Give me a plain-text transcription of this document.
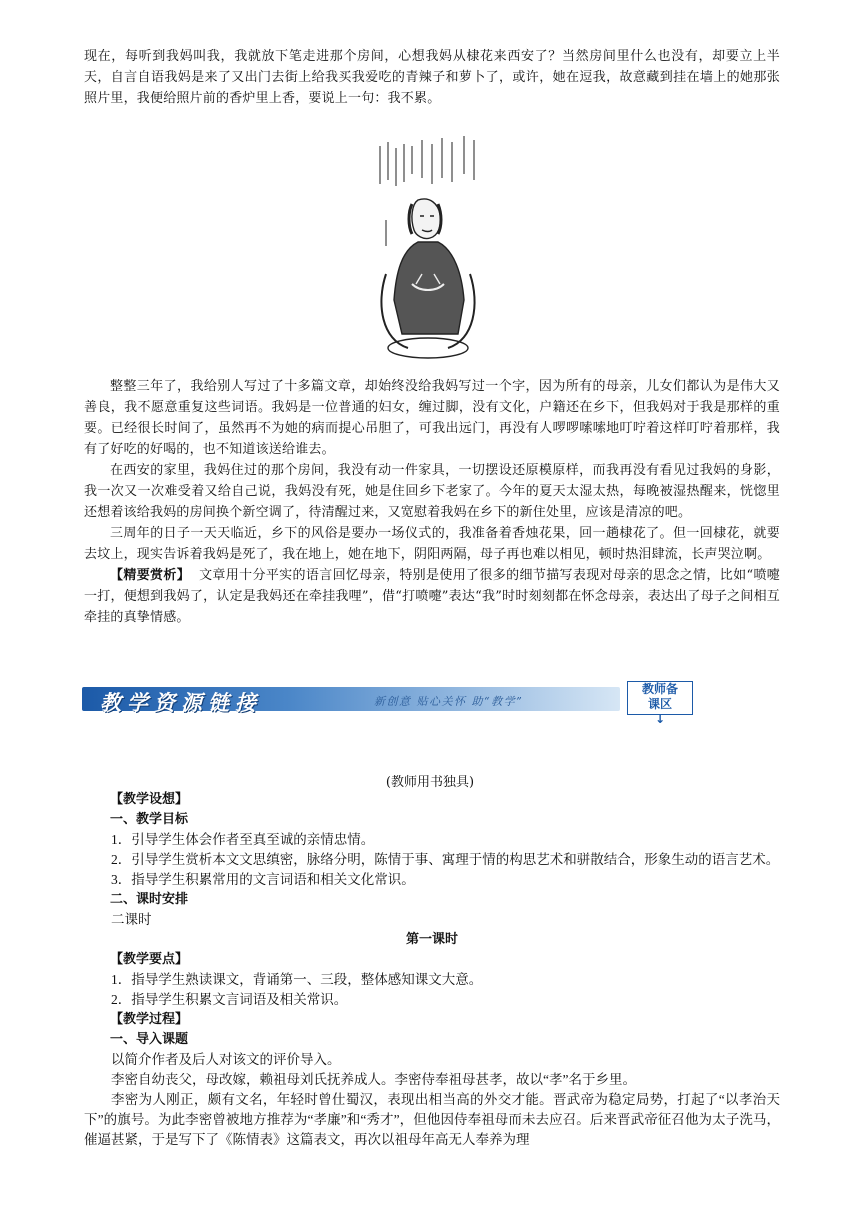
现在，每听到我妈叫我，我就放下笔走进那个房间，心想我妈从棣花来西安了？当然房间里什么也没有，却要立上半天，自言自语我妈是来了又出门去街上给我买我爱吃的青辣子和萝卜了，或许，她在逗我，故意藏到挂在墙上的她那张照片里，我便给照片前的香炉里上香，要说上一句：我不累。

整整三年了，我给别人写过了十多篇文章，却始终没给我妈写过一个字，因为所有的母亲，儿女们都认为是伟大又善良，我不愿意重复这些词语。我妈是一位普通的妇女，缠过脚，没有文化，户籍还在乡下，但我妈对于我是那样的重要。已经很长时间了，虽然再不为她的病而提心吊胆了，可我出远门，再没有人啰啰嗦嗦地叮咛着这样叮咛着那样，我有了好吃的好喝的，也不知道该送给谁去。

在西安的家里，我妈住过的那个房间，我没有动一件家具，一切摆设还原模原样，而我再没有看见过我妈的身影，我一次又一次难受着又给自己说，我妈没有死，她是住回乡下老家了。今年的夏天太湿太热，每晚被湿热醒来，恍惚里还想着该给我妈的房间换个新空调了，待清醒过来，又宽慰着我妈在乡下的新住处里，应该是清凉的吧。

三周年的日子一天天临近，乡下的风俗是要办一场仪式的，我准备着香烛花果，回一趟棣花了。但一回棣花，就要去坟上，现实告诉着我妈是死了，我在地上，她在地下，阴阳两隔，母子再也难以相见，顿时热泪肆流，长声哭泣啊。

【精要赏析】 文章用十分平实的语言回忆母亲，特别是使用了很多的细节描写表现对母亲的思念之情，比如“喷嚏一打，便想到我妈了，认定是我妈还在牵挂我哩”，借“打喷嚏”表达“我”时时刻刻都在怀念母亲，表达出了母子之间相互牵挂的真挚情感。

教学资源链接	新创意 贴心关怀 助“教学”
教师备
课区
↓
(教师用书独具)

【教学设想】

一、教学目标

1．引导学生体会作者至真至诚的亲情忠情。

2．引导学生赏析本文文思缜密，脉络分明，陈情于事、寓理于情的构思艺术和骈散结合，形象生动的语言艺术。

3．指导学生积累常用的文言词语和相关文化常识。

二、课时安排

二课时

第一课时

【教学要点】

1．指导学生熟读课文，背诵第一、三段，整体感知课文大意。

2．指导学生积累文言词语及相关常识。

【教学过程】

一、导入课题

以简介作者及后人对该文的评价导入。

李密自幼丧父，母改嫁，赖祖母刘氏抚养成人。李密侍奉祖母甚孝，故以“孝”名于乡里。

李密为人刚正，颇有文名，年轻时曾仕蜀汉，表现出相当高的外交才能。晋武帝为稳定局势，打起了“以孝治天下”的旗号。为此李密曾被地方推荐为“孝廉”和“秀才”，但他因侍奉祖母而未去应召。后来晋武帝征召他为太子洗马，催逼甚紧，于是写下了《陈情表》这篇表文，再次以祖母年高无人奉养为理
